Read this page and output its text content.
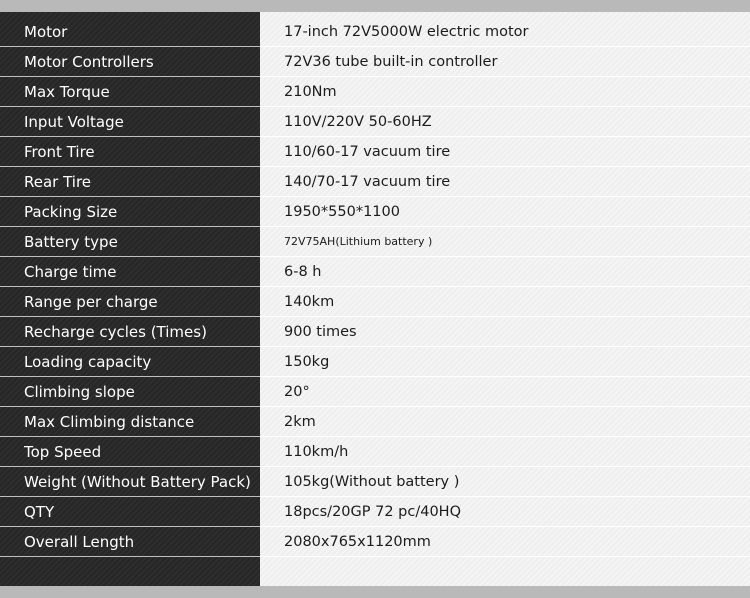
Motor
Motor Controllers
Max Torque
Input Voltage
Front Tire
Rear Tire
Packing Size
Battery type
Charge time
Range per charge
Recharge cycles (Times)
Loading capacity
Climbing slope
Max Climbing distance
Top Speed
Weight (Without Battery Pack)
QTY
Overall Length
17-inch 72V5000W electric motor
72V36 tube built-in controller
210Nm
110V/220V 50-60HZ
110/60-17 vacuum tire
140/70-17 vacuum tire
1950*550*1100
72V75AH(Lithium battery )
6-8 h
140km
900 times
150kg
20°
2km
110km/h
105kg(Without battery )
18pcs/20GP 72 pc/40HQ
2080x765x1120mm
